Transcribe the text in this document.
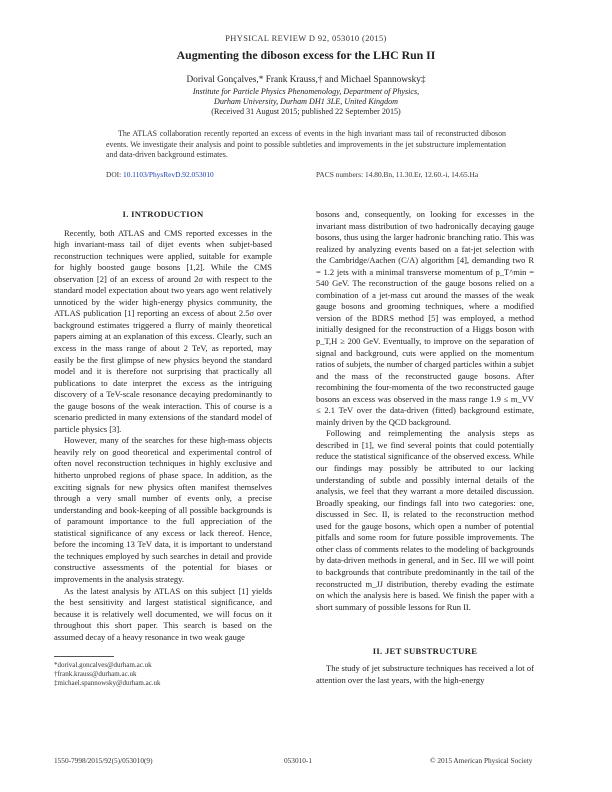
PHYSICAL REVIEW D 92, 053010 (2015)
Augmenting the diboson excess for the LHC Run II
Dorival Gonçalves,* Frank Krauss,† and Michael Spannowsky‡
Institute for Particle Physics Phenomenology, Department of Physics,
Durham University, Durham DH1 3LE, United Kingdom
(Received 31 August 2015; published 22 September 2015)
The ATLAS collaboration recently reported an excess of events in the high invariant mass tail of reconstructed diboson events. We investigate their analysis and point to possible subtleties and improvements in the jet substructure implementation and data-driven background estimates.
DOI: 10.1103/PhysRevD.92.053010	PACS numbers: 14.80.Bn, 11.30.Er, 12.60.-i, 14.65.Ha

I. INTRODUCTION

Recently, both ATLAS and CMS reported excesses in the high invariant-mass tail of dijet events when subjet-based reconstruction techniques were applied, suitable for example for highly boosted gauge bosons [1,2]. While the CMS observation [2] of an excess of around 2σ with respect to the standard model expectation about two years ago went relatively unnoticed by the wider high-energy physics community, the ATLAS publication [1] reporting an excess of about 2.5σ over background estimates triggered a flurry of mainly theoretical papers aiming at an explanation of this excess. Clearly, such an excess in the mass range of about 2 TeV, as reported, may easily be the first glimpse of new physics beyond the standard model and it is therefore not surprising that practically all publications to date interpret the excess as the intriguing discovery of a TeV-scale resonance decaying predominantly to the gauge bosons of the weak interaction. This of course is a scenario predicted in many extensions of the standard model of particle physics [3].

However, many of the searches for these high-mass objects heavily rely on good theoretical and experimental control of often novel reconstruction techniques in highly exclusive and hitherto unprobed regions of phase space. In addition, as the exciting signals for new physics often manifest themselves through a very small number of events only, a precise understanding and book-keeping of all possible backgrounds is of paramount importance to the full appreciation of the statistical significance of any excess or lack thereof. Hence, before the incoming 13 TeV data, it is important to understand the techniques employed by such searches in detail and provide constructive assessments of the potential for biases or improvements in the analysis strategy.

As the latest analysis by ATLAS on this subject [1] yields the best sensitivity and largest statistical significance, and because it is relatively well documented, we will focus on it throughout this short paper. This search is based on the assumed decay of a heavy resonance in two weak gauge

bosons and, consequently, on looking for excesses in the invariant mass distribution of two hadronically decaying gauge bosons, thus using the larger hadronic branching ratio. This was realized by analyzing events based on a fat-jet selection with the Cambridge/Aachen (C/A) algorithm [4], demanding two R = 1.2 jets with a minimal transverse momentum of p_T^min = 540 GeV. The reconstruction of the gauge bosons relied on a combination of a jet-mass cut around the masses of the weak gauge bosons and grooming techniques, where a modified version of the BDRS method [5] was employed, a method initially designed for the reconstruction of a Higgs boson with p_T,H ≥ 200 GeV. Eventually, to improve on the separation of signal and background, cuts were applied on the momentum ratios of subjets, the number of charged particles within a subjet and the mass of the reconstructed gauge bosons. After recombining the four-momenta of the two reconstructed gauge bosons an excess was observed in the mass range 1.9 ≤ m_VV ≤ 2.1 TeV over the data-driven (fitted) background estimate, mainly driven by the QCD background.

Following and reimplementing the analysis steps as described in [1], we find several points that could potentially reduce the statistical significance of the observed excess. While our findings may possibly be attributed to our lacking understanding of subtle and possibly internal details of the analysis, we feel that they warrant a more detailed discussion. Broadly speaking, our findings fall into two categories: one, discussed in Sec. II, is related to the reconstruction method used for the gauge bosons, which open a number of potential pitfalls and some room for future possible improvements. The other class of comments relates to the modeling of backgrounds by data-driven methods in general, and in Sec. III we will point to backgrounds that contribute predominantly in the tail of the reconstructed m_JJ distribution, thereby evading the estimate on which the analysis here is based. We finish the paper with a short summary of possible lessons for Run II.

II. JET SUBSTRUCTURE
The study of jet substructure techniques has received a lot of attention over the last years, with the high-energy
*dorival.goncalves@durham.ac.uk
†frank.krauss@durham.ac.uk
‡michael.spannowsky@durham.ac.uk
1550-7998/2015/92(5)/053010(9)	053010-1	© 2015 American Physical Society
